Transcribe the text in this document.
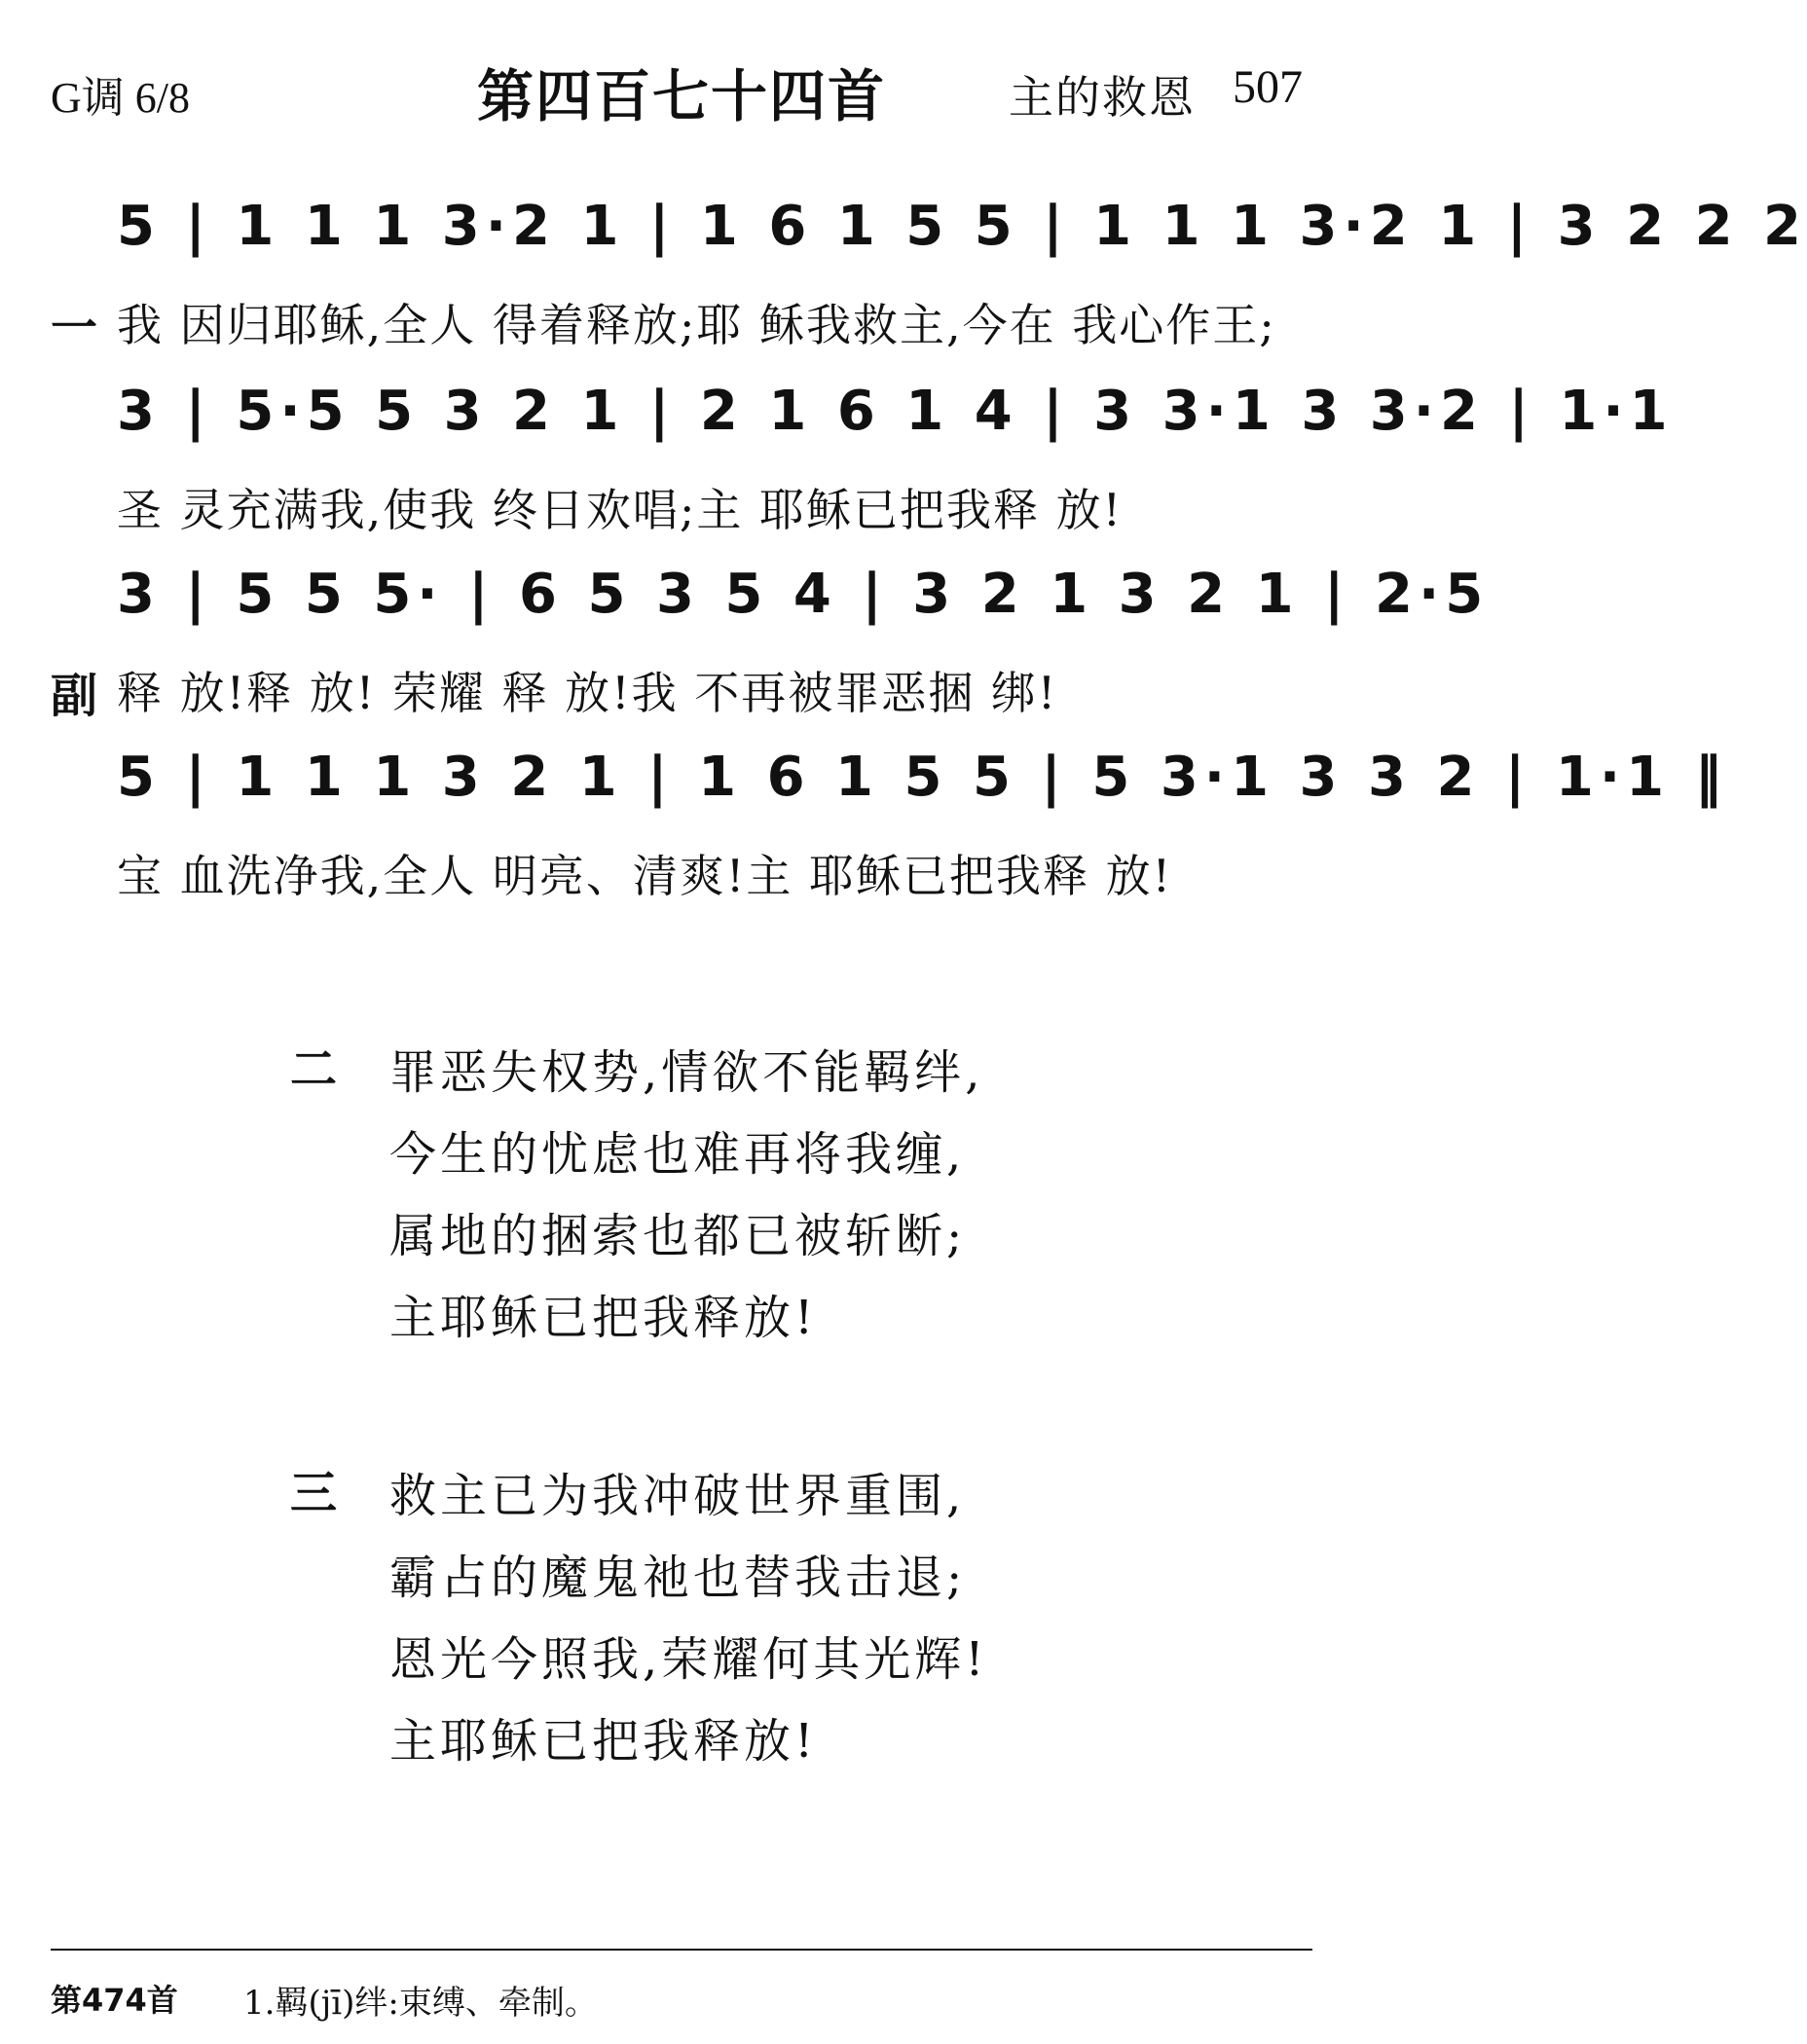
G调 6/8	第四百七十四首	主的救恩 507
5 | 1 1 1 3·2 1 | 1 6 1 5 5 | 1 1 1 3·2 1 | 3 2 2 2
一 我 因归耶稣,全人 得着释放;耶 稣我救主,今在 我心作王;
3 | 5·5 5 3 2 1 | 2 1 6 1 4 | 3 3·1 3 3·2 | 1·1
圣 灵充满我,使我 终日欢唱;主 耶稣已把我释 放!
3 | 5 5 5· | 6 5 3 5 4 | 3 2 1 3 2 1 | 2·5
副 释 放!释 放! 荣耀 释 放!我 不再被罪恶捆 绑!
5 | 1 1 1 3 2 1 | 1 6 1 5 5 | 5 3·1 3 3 2 | 1·1 ‖
宝 血洗净我,全人 明亮、清爽!主 耶稣已把我释 放!
二 罪恶失权势,情欲不能羁绊,
今生的忧虑也难再将我缠,
属地的捆索也都已被斩断;
主耶稣已把我释放!
三 救主已为我冲破世界重围,
霸占的魔鬼祂也替我击退;
恩光今照我,荣耀何其光辉!
主耶稣已把我释放!
第474首 1.羁(jī)绊:束缚、牵制。
